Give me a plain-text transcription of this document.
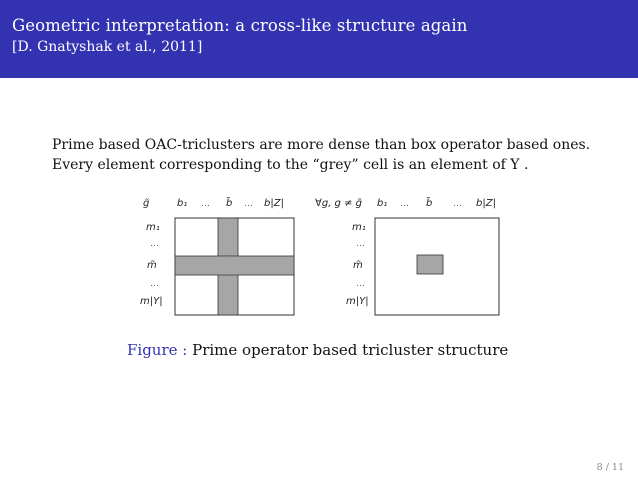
Geometric interpretation: a cross-like structure again
[D. Gnatyshak et al., 2011]
Prime based OAC-triclusters are more dense than box operator based ones.
Every element corresponding to the “grey” cell is an element of Y .
g̃	b₁ … b̃ … b|Z|
m₁
…
m̃
…
m|Y|
∀g, g ≠ g̃ b₁ … b̃ … b|Z|
m₁
…
m̃
…
m|Y|
Figure : Prime operator based tricluster structure
8 / 11
